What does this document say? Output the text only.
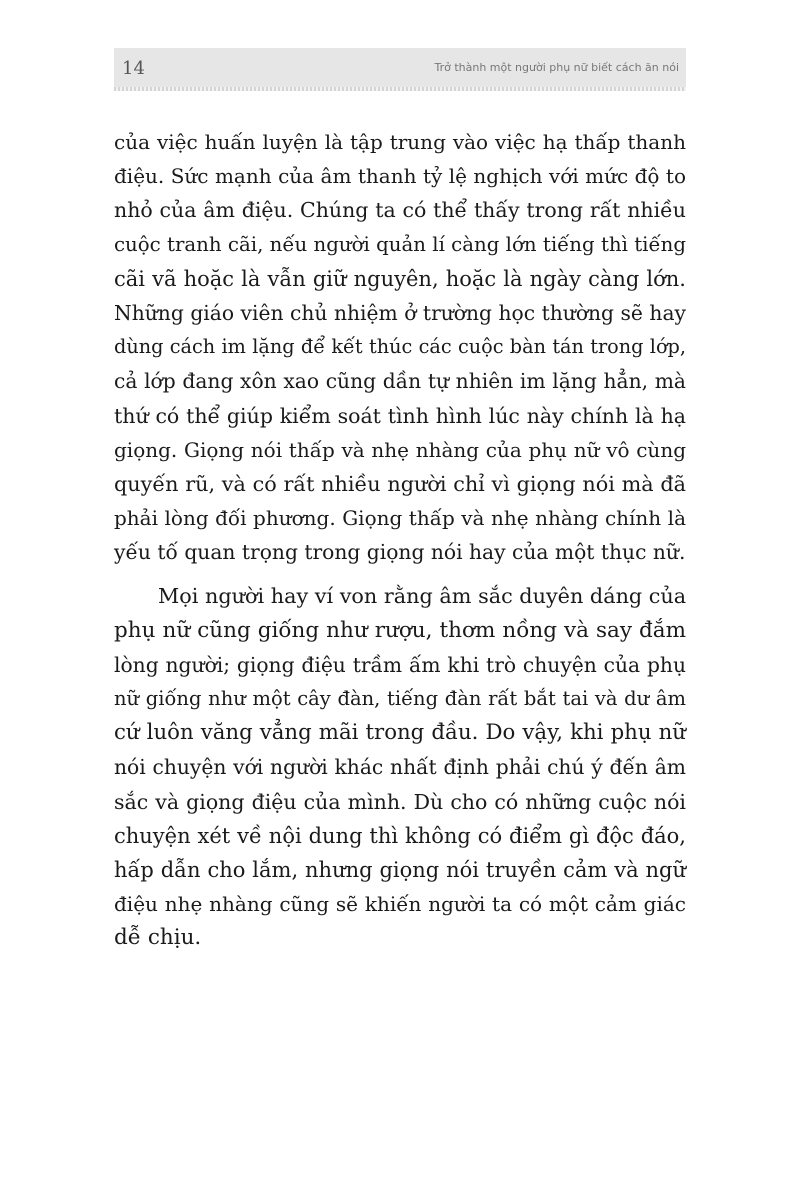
14	Trở thành một người phụ nữ biết cách ăn nói
của việc huấn luyện là tập trung vào việc hạ thấp thanh
điệu. Sức mạnh của âm thanh tỷ lệ nghịch với mức độ to
nhỏ của âm điệu. Chúng ta có thể thấy trong rất nhiều
cuộc tranh cãi, nếu người quản lí càng lớn tiếng thì tiếng
cãi vã hoặc là vẫn giữ nguyên, hoặc là ngày càng lớn.
Những giáo viên chủ nhiệm ở trường học thường sẽ hay
dùng cách im lặng để kết thúc các cuộc bàn tán trong lớp,
cả lớp đang xôn xao cũng dần tự nhiên im lặng hẳn, mà
thứ có thể giúp kiểm soát tình hình lúc này chính là hạ
giọng. Giọng nói thấp và nhẹ nhàng của phụ nữ vô cùng
quyến rũ, và có rất nhiều người chỉ vì giọng nói mà đã
phải lòng đối phương. Giọng thấp và nhẹ nhàng chính là
yếu tố quan trọng trong giọng nói hay của một thục nữ.
Mọi người hay ví von rằng âm sắc duyên dáng của
phụ nữ cũng giống như rượu, thơm nồng và say đắm
lòng người; giọng điệu trầm ấm khi trò chuyện của phụ
nữ giống như một cây đàn, tiếng đàn rất bắt tai và dư âm
cứ luôn văng vẳng mãi trong đầu. Do vậy, khi phụ nữ
nói chuyện với người khác nhất định phải chú ý đến âm
sắc và giọng điệu của mình. Dù cho có những cuộc nói
chuyện xét về nội dung thì không có điểm gì độc đáo,
hấp dẫn cho lắm, nhưng giọng nói truyền cảm và ngữ
điệu nhẹ nhàng cũng sẽ khiến người ta có một cảm giác
dễ chịu.
